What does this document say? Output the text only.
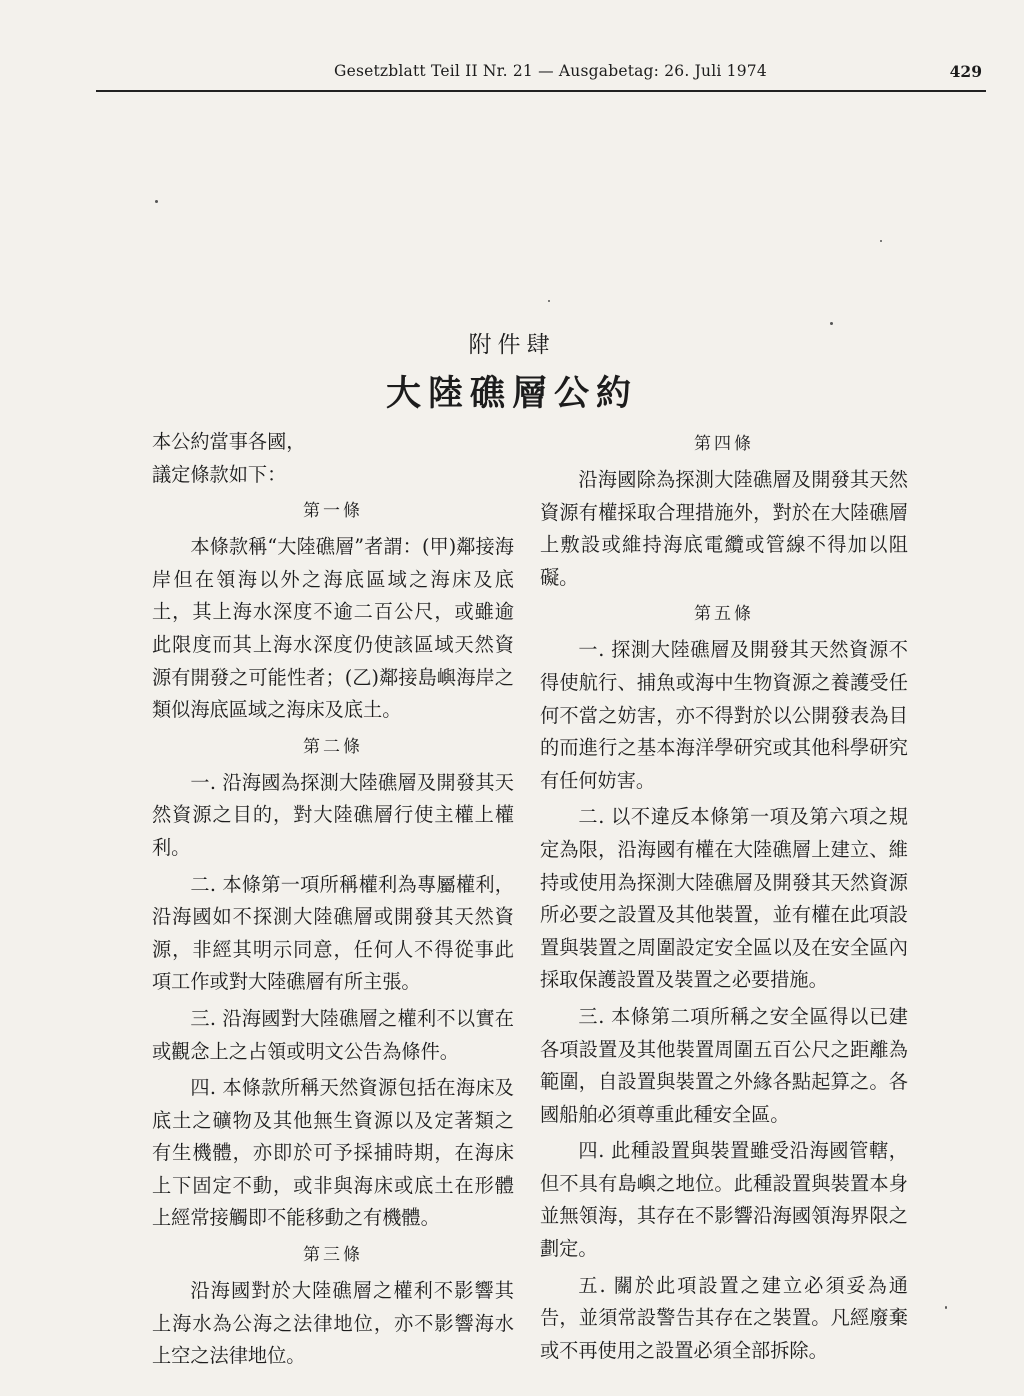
Gesetzblatt Teil II Nr. 21 — Ausgabetag: 26. Juli 1974	429
附件肆
大陸礁層公約

本公約當事各國，

議定條款如下：

第一條

本條款稱“大陸礁層”者謂：(甲)鄰接海岸但在領海以外之海底區域之海床及底土，其上海水深度不逾二百公尺，或雖逾此限度而其上海水深度仍使該區域天然資源有開發之可能性者；(乙)鄰接島嶼海岸之類似海底區域之海床及底土。

第二條

一. 沿海國為探測大陸礁層及開發其天然資源之目的，對大陸礁層行使主權上權利。

二. 本條第一項所稱權利為專屬權利，沿海國如不探測大陸礁層或開發其天然資源，非經其明示同意，任何人不得從事此項工作或對大陸礁層有所主張。

三. 沿海國對大陸礁層之權利不以實在或觀念上之占領或明文公告為條件。

四. 本條款所稱天然資源包括在海床及底土之礦物及其他無生資源以及定著類之有生機體，亦即於可予採捕時期，在海床上下固定不動，或非與海床或底土在形體上經常接觸即不能移動之有機體。

第三條

沿海國對於大陸礁層之權利不影響其上海水為公海之法律地位，亦不影響海水上空之法律地位。

第四條

沿海國除為探測大陸礁層及開發其天然資源有權採取合理措施外，對於在大陸礁層上敷設或維持海底電纜或管線不得加以阻礙。

第五條

一. 探測大陸礁層及開發其天然資源不得使航行、捕魚或海中生物資源之養護受任何不當之妨害，亦不得對於以公開發表為目的而進行之基本海洋學研究或其他科學研究有任何妨害。

二. 以不違反本條第一項及第六項之規定為限，沿海國有權在大陸礁層上建立、維持或使用為探測大陸礁層及開發其天然資源所必要之設置及其他裝置，並有權在此項設置與裝置之周圍設定安全區以及在安全區內採取保護設置及裝置之必要措施。

三. 本條第二項所稱之安全區得以已建各項設置及其他裝置周圍五百公尺之距離為範圍，自設置與裝置之外緣各點起算之。各國船舶必須尊重此種安全區。

四. 此種設置與裝置雖受沿海國管轄，但不具有島嶼之地位。此種設置與裝置本身並無領海，其存在不影響沿海國領海界限之劃定。

五. 關於此項設置之建立必須妥為通告，並須常設警告其存在之裝置。凡經廢棄或不再使用之設置必須全部拆除。
